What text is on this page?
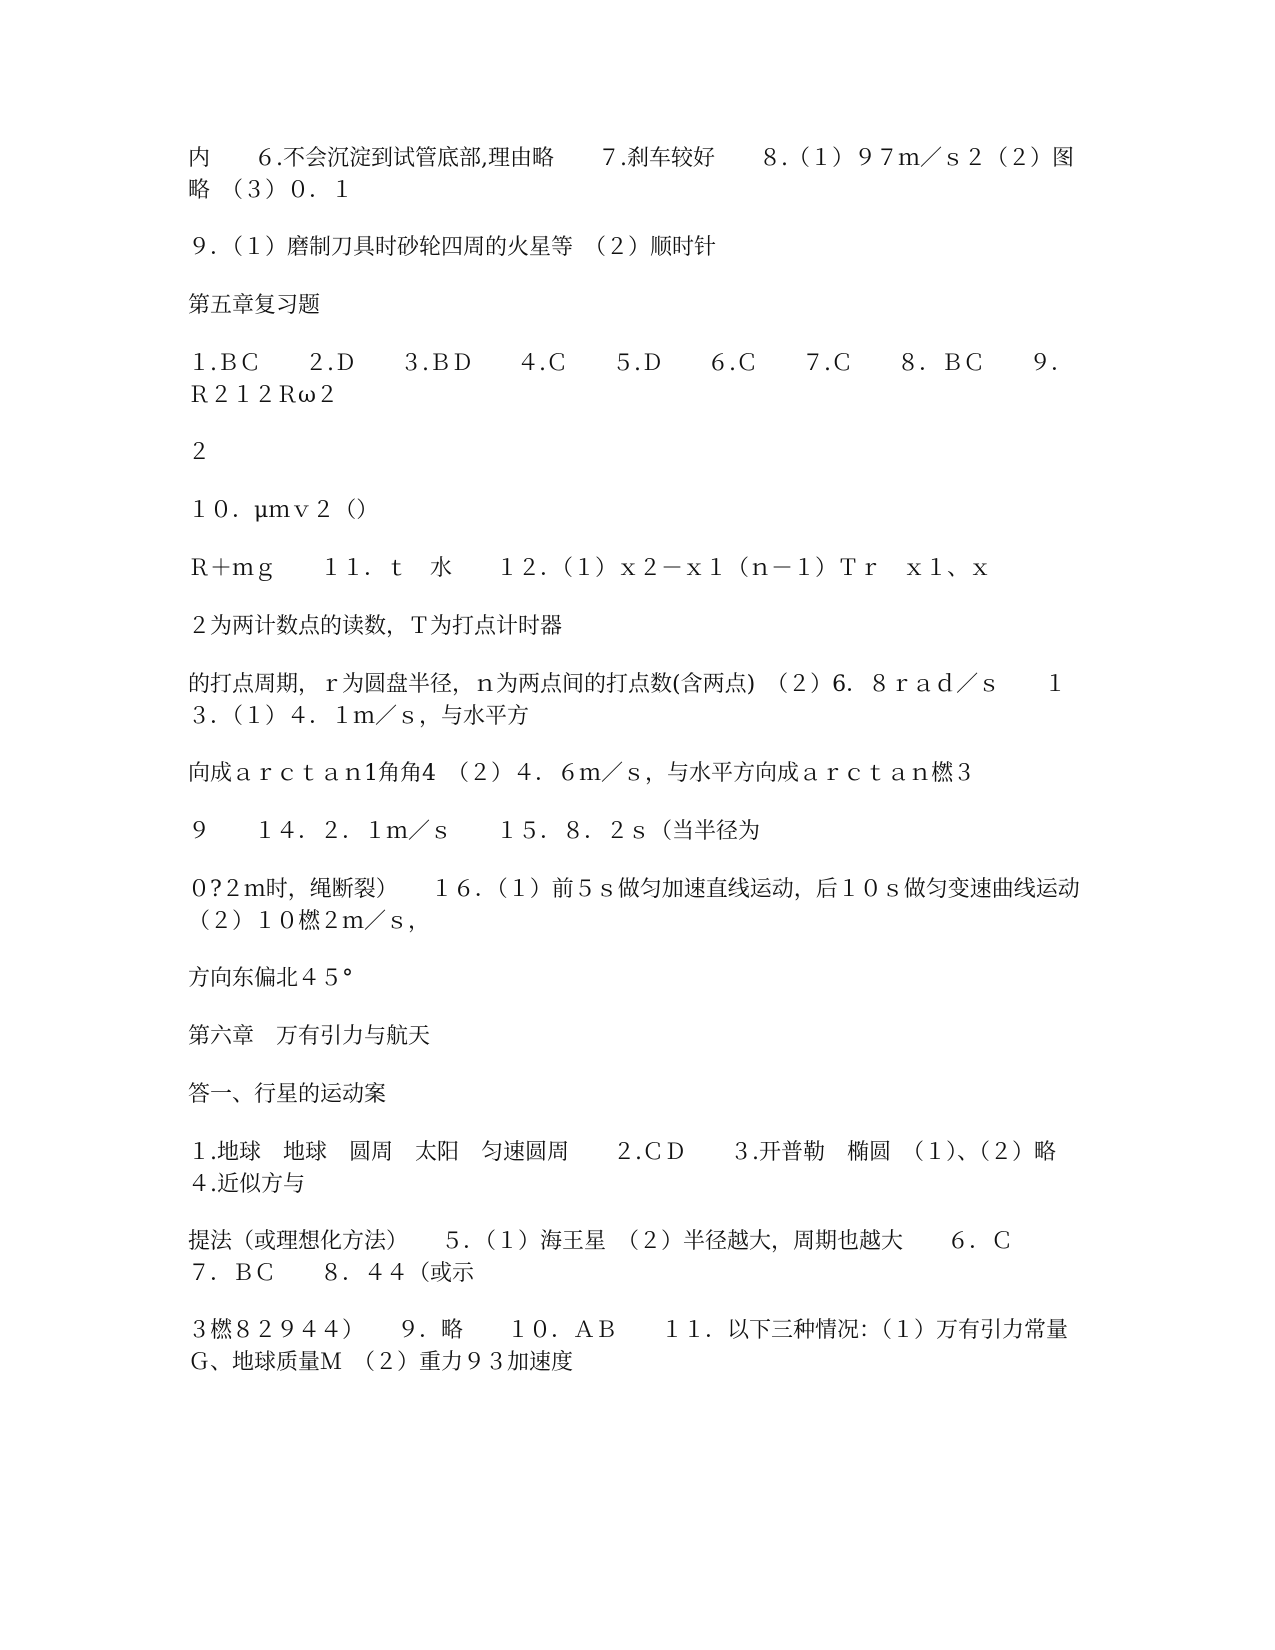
内　　６.不会沉淀到试管底部,理由略　　７.刹车较好　　８.（１）９７ｍ／ｓ２（２）图略　（３）０．１

９．（１）磨制刀具时砂轮四周的火星等　（２）顺时针

第五章复习题

１.ＢＣ　　２.Ｄ　　３.ＢＤ　　４.Ｃ　　５.Ｄ　　６.Ｃ　　７.Ｃ　　８．ＢＣ　　９．Ｒ２１２Ｒω２

２

１０．μｍｖ２（）

Ｒ＋ｍｇ　　１１．ｔ　水　　１２．（１）ｘ２－ｘ１（ｎ－１）Ｔｒ　ｘ１、ｘ

２为两计数点的读数，Ｔ为打点计时器

的打点周期，ｒ为圆盘半径，ｎ为两点间的打点数(含两点)　（２）6．８ｒａｄ／ｓ　　１３．（１）４．１ｍ／ｓ，与水平方

向成ａｒｃｔａｎ1角角4　（２）４．６ｍ／ｓ，与水平方向成ａｒｃｔａｎ橪３

９　　１４．２．１ｍ／ｓ　　１５．８．２ｓ（当半径为

０?２ｍ时，绳断裂）　　１６．（１）前５ｓ做匀加速直线运动，后１０ｓ做匀变速曲线运动　（２）１０橪２ｍ／ｓ，

方向东偏北４５°

第六章　万有引力与航天

答一、行星的运动案

１.地球　地球　圆周　太阳　匀速圆周　　２.ＣＤ　　３.开普勒　椭圆　（１）、（２）略　　４.近似方与

提法（或理想化方法）　　５．（１）海王星　（２）半径越大，周期也越大　　６．Ｃ　　７．ＢＣ　　８．４４（或示

３橪８２９４４）　　９．略　　１０．ＡＢ　　１１．以下三种情况：（１）万有引力常量Ｇ、地球质量Ｍ　（２）重力９３加速度
